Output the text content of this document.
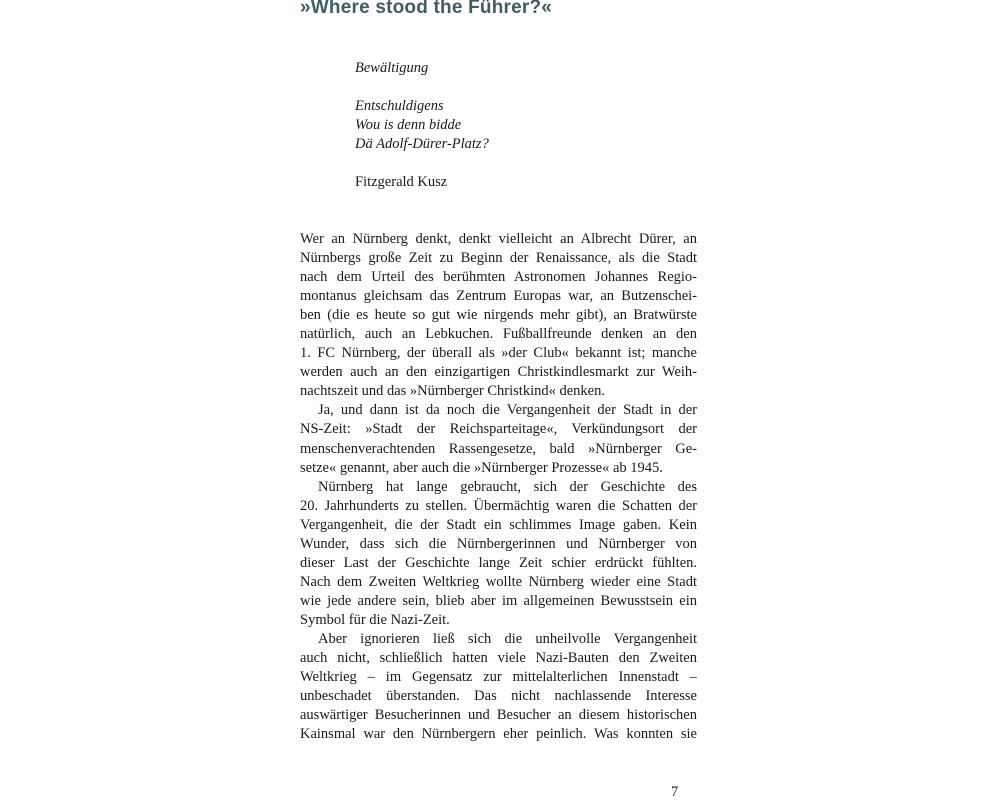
»Where stood the Führer?«

Bewältigung

Entschuldigens

Wou is denn bidde

Dä Adolf-Dürer-Platz?

Fitzgerald Kusz

Wer an Nürnberg denkt, denkt vielleicht an Albrecht Dürer, an
Nürnbergs große Zeit zu Beginn der Renaissance, als die Stadt
nach dem Urteil des berühmten Astronomen Johannes Regio-
montanus gleichsam das Zentrum Europas war, an Butzenschei-
ben (die es heute so gut wie nirgends mehr gibt), an Bratwürste
natürlich, auch an Lebkuchen. Fußballfreunde denken an den
1. FC Nürnberg, der überall als »der Club« bekannt ist; manche
werden auch an den einzigartigen Christkindlesmarkt zur Weih-
nachtszeit und das »Nürnberger Christkind« denken.
Ja, und dann ist da noch die Vergangenheit der Stadt in der
NS-Zeit: »Stadt der Reichsparteitage«, Verkündungsort der
menschenverachtenden Rassengesetze, bald »Nürnberger Ge-
setze« genannt, aber auch die »Nürnberger Prozesse« ab 1945.
Nürnberg hat lange gebraucht, sich der Geschichte des
20. Jahrhunderts zu stellen. Übermächtig waren die Schatten der
Vergangenheit, die der Stadt ein schlimmes Image gaben. Kein
Wunder, dass sich die Nürnbergerinnen und Nürnberger von
dieser Last der Geschichte lange Zeit schier erdrückt fühlten.
Nach dem Zweiten Weltkrieg wollte Nürnberg wieder eine Stadt
wie jede andere sein, blieb aber im allgemeinen Bewusstsein ein
Symbol für die Nazi-Zeit.
Aber ignorieren ließ sich die unheilvolle Vergangenheit
auch nicht, schließlich hatten viele Nazi-Bauten den Zweiten
Weltkrieg – im Gegensatz zur mittelalterlichen Innenstadt –
unbeschadet überstanden. Das nicht nachlassende Interesse
auswärtiger Besucherinnen und Besucher an diesem historischen
Kainsmal war den Nürnbergern eher peinlich. Was konnten sie
7
